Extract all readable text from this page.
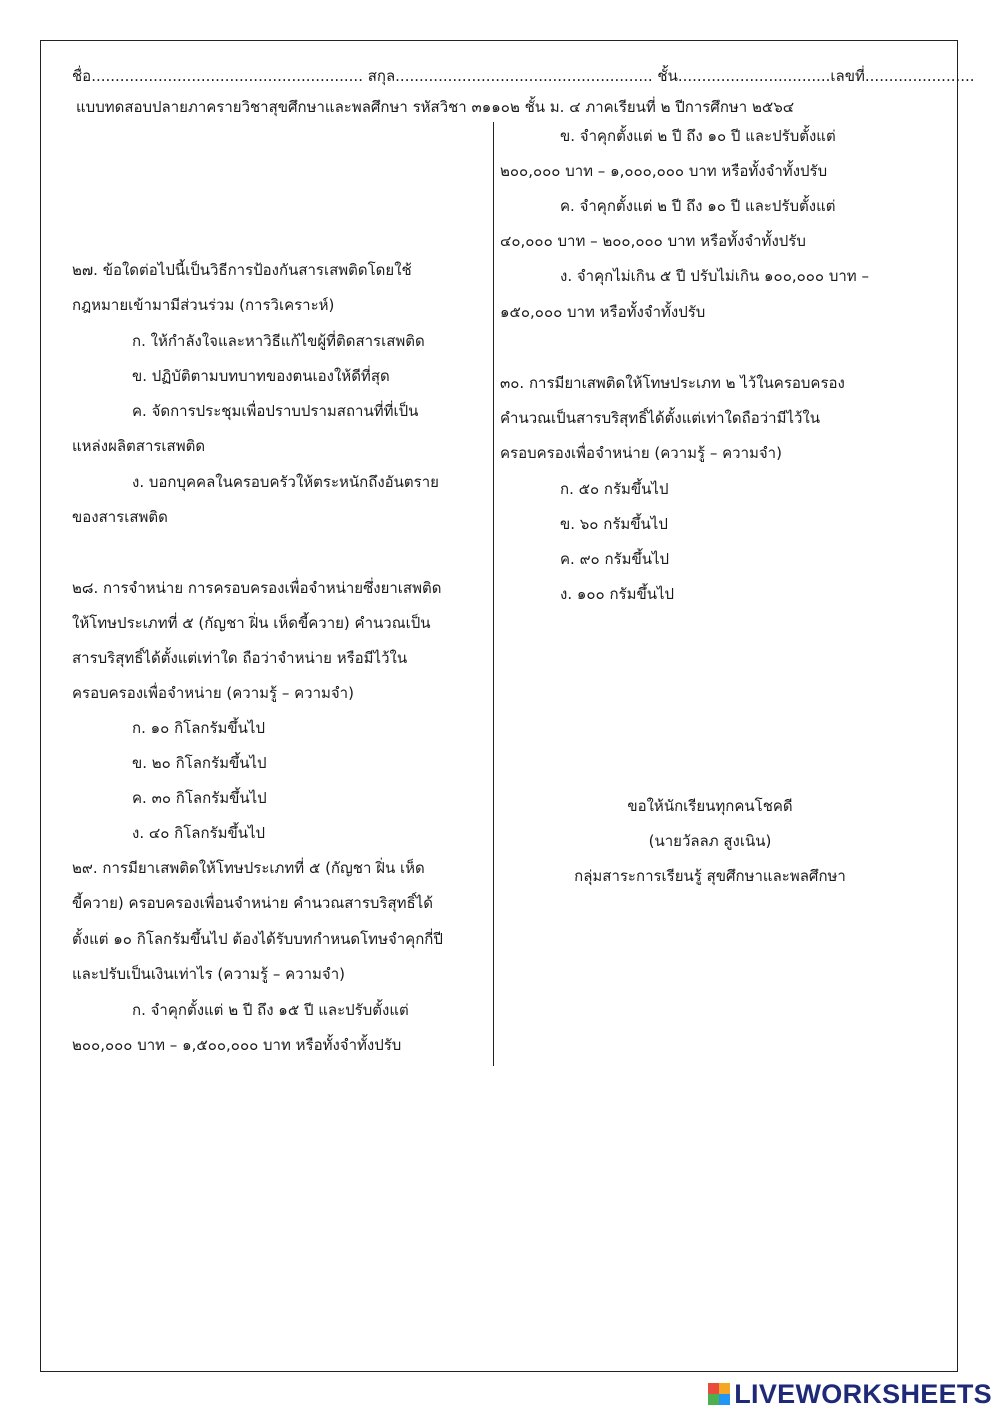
ชื่อ......................................................... สกุล...................................................... ชั้น................................เลขที่.......................
แบบทดสอบปลายภาครายวิชาสุขศึกษาและพลศึกษา รหัสวิชา ๓๑๑๐๒ ชั้น ม. ๔ ภาคเรียนที่ ๒ ปีการศึกษา ๒๕๖๔
๒๗. ข้อใดต่อไปนี้เป็นวิธีการป้องกันสารเสพติดโดยใช้
กฎหมายเข้ามามีส่วนร่วม (การวิเคราะห์)
ก. ให้กำลังใจและหาวิธีแก้ไขผู้ที่ติดสารเสพติด
ข. ปฏิบัติตามบทบาทของตนเองให้ดีที่สุด
ค. จัดการประชุมเพื่อปราบปรามสถานที่ที่เป็น
แหล่งผลิตสารเสพติด
ง. บอกบุคคลในครอบครัวให้ตระหนักถึงอันตราย
ของสารเสพติด
๒๘. การจำหน่าย การครอบครองเพื่อจำหน่ายซึ่งยาเสพติด
ให้โทษประเภทที่ ๕ (กัญชา ฝิ่น เห็ดขี้ควาย) คำนวณเป็น
สารบริสุทธิ์ได้ตั้งแต่เท่าใด ถือว่าจำหน่าย หรือมีไว้ใน
ครอบครองเพื่อจำหน่าย (ความรู้ – ความจำ)
ก. ๑๐ กิโลกรัมขึ้นไป
ข. ๒๐ กิโลกรัมขึ้นไป
ค. ๓๐ กิโลกรัมขึ้นไป
ง. ๔๐ กิโลกรัมขึ้นไป
๒๙. การมียาเสพติดให้โทษประเภทที่ ๕ (กัญชา ฝิ่น เห็ด
ขี้ควาย) ครอบครองเพื่อนจำหน่าย คำนวณสารบริสุทธิ์ได้
ตั้งแต่ ๑๐ กิโลกรัมขึ้นไป ต้องได้รับบทกำหนดโทษจำคุกกี่ปี
และปรับเป็นเงินเท่าไร (ความรู้ – ความจำ)
ก. จำคุกตั้งแต่ ๒ ปี ถึง ๑๕ ปี และปรับตั้งแต่
๒๐๐,๐๐๐ บาท – ๑,๕๐๐,๐๐๐ บาท หรือทั้งจำทั้งปรับ
ข. จำคุกตั้งแต่ ๒ ปี ถึง ๑๐ ปี และปรับตั้งแต่
๒๐๐,๐๐๐ บาท – ๑,๐๐๐,๐๐๐ บาท หรือทั้งจำทั้งปรับ
ค. จำคุกตั้งแต่ ๒ ปี ถึง ๑๐ ปี และปรับตั้งแต่
๔๐,๐๐๐ บาท – ๒๐๐,๐๐๐ บาท หรือทั้งจำทั้งปรับ
ง. จำคุกไม่เกิน ๕ ปี ปรับไม่เกิน ๑๐๐,๐๐๐ บาท –
๑๕๐,๐๐๐ บาท หรือทั้งจำทั้งปรับ
๓๐. การมียาเสพติดให้โทษประเภท ๒ ไว้ในครอบครอง
คำนวณเป็นสารบริสุทธิ์ได้ตั้งแต่เท่าใดถือว่ามีไว้ใน
ครอบครองเพื่อจำหน่าย (ความรู้ – ความจำ)
ก. ๕๐ กรัมขึ้นไป
ข. ๖๐ กรัมขึ้นไป
ค. ๙๐ กรัมขึ้นไป
ง. ๑๐๐ กรัมขึ้นไป
ขอให้นักเรียนทุกคนโชคดี
(นายวัลลภ สูงเนิน)
กลุ่มสาระการเรียนรู้ สุขศึกษาและพลศึกษา
LIVEWORKSHEETS
